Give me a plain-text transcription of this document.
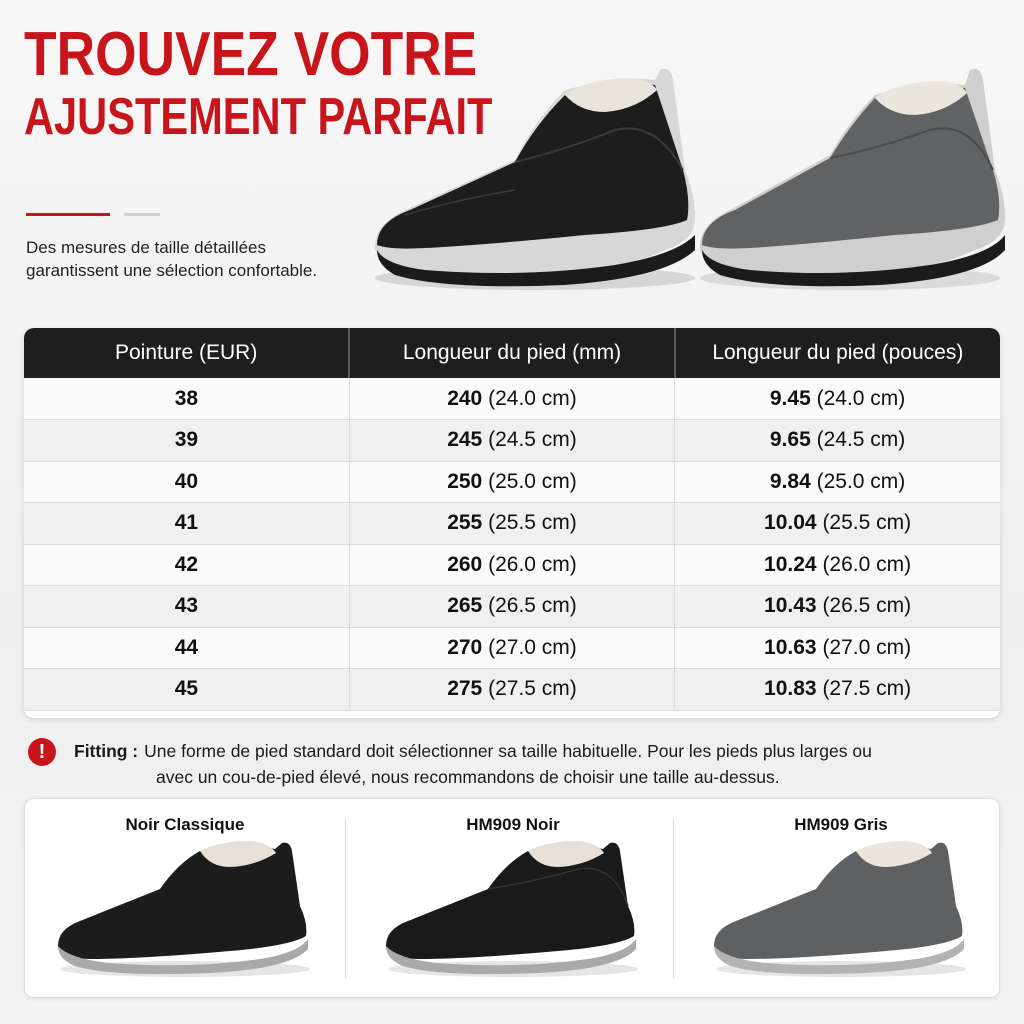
TROUVEZ VOTRE
AJUSTEMENT PARFAIT
Des mesures de taille détaillées garantissent une sélection confortable.
Pointure (EUR)	Longueur du pied (mm)	Longueur du pied (pouces)
38	240 (24.0 cm)	9.45 (24.0 cm)
39	245 (24.5 cm)	9.65 (24.5 cm)
40	250 (25.0 cm)	9.84 (25.0 cm)
41	255 (25.5 cm)	10.04 (25.5 cm)
42	260 (26.0 cm)	10.24 (26.0 cm)
43	265 (26.5 cm)	10.43 (26.5 cm)
44	270 (27.0 cm)	10.63 (27.0 cm)
45	275 (27.5 cm)	10.83 (27.5 cm)
!	Fitting : Une forme de pied standard doit sélectionner sa taille habituelle. Pour les pieds plus larges ou
avec un cou-de-pied élevé, nous recommandons de choisir une taille au-dessus.
Noir Classique	HM909 Noir	HM909 Gris
